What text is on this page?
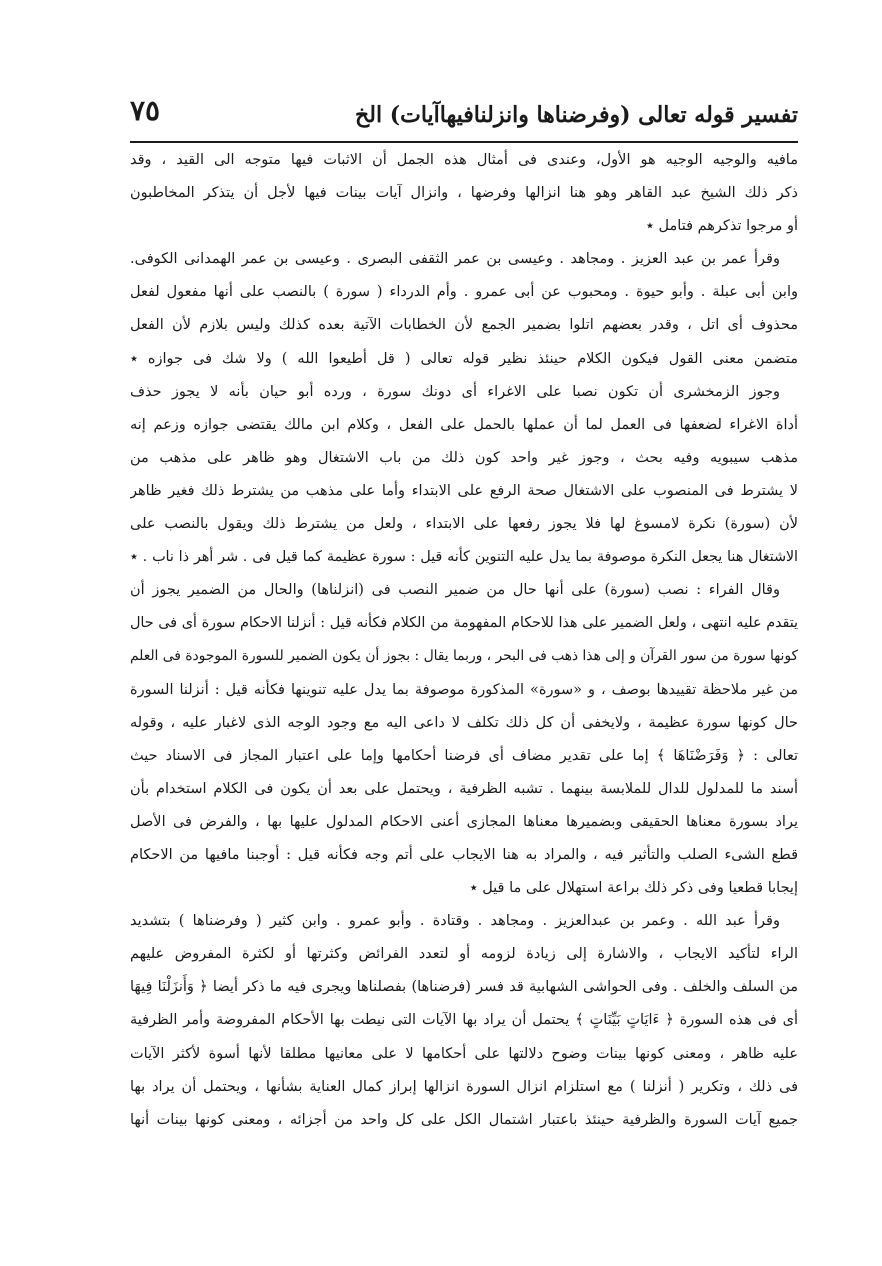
تفسير قوله تعالى (وفرضناها وانزلنافيهاآيات) الخ
٧٥
مافيه والوجيه الوجيه هو الأول، وعندى فى أمثال هذه الجمل أن الاثبات فيها متوجه الى القيد ، وقد
ذكر ذلك الشيخ عبد القاهر وهو هنا انزالها وفرضها ، وانزال آيات بينات فيها لأجل أن يتذكر المخاطبون
أو مرجوا تذكرهم فتامل ٭
وقرأ عمر بن عبد العزيز . ومجاهد . وعيسى بن عمر الثقفى البصرى . وعيسى بن عمر الهمدانى الكوفى.
وابن أبى عبلة . وأبو حيوة . ومحبوب عن أبى عمرو . وأم الدرداء ( سورة ) بالنصب على أنها مفعول لفعل
محذوف أى اتل ، وقدر بعضهم اتلوا بضمير الجمع لأن الخطابات الآتية بعده كذلك وليس بلازم لأن الفعل
متضمن معنى القول فيكون الكلام حينئذ نظير قوله تعالى ( قل أطيعوا الله ) ولا شك فى جوازه ٭
وجوز الزمخشرى أن تكون نصبا على الاغراء أى دونك سورة ، ورده أبو حيان بأنه لا يجوز حذف
أداة الاغراء لضعفها فى العمل لما أن عملها بالحمل على الفعل ، وكلام ابن مالك يقتضى جوازه وزعم إنه
مذهب سيبويه وفيه بحث ، وجوز غير واحد كون ذلك من باب الاشتغال وهو ظاهر على مذهب من
لا يشترط فى المنصوب على الاشتغال صحة الرفع على الابتداء وأما على مذهب من يشترط ذلك فغير ظاهر
لأن (سورة) نكرة لامسوغ لها فلا يجوز رفعها على الابتداء ، ولعل من يشترط ذلك ويقول بالنصب على
الاشتغال هنا يجعل النكرة موصوفة بما يدل عليه التنوين كأنه قيل : سورة عظيمة كما قيل فى . شر أهر ذا ناب . ٭
وقال الفراء : نصب (سورة) على أنها حال من ضمير النصب فى (انزلناها) والحال من الضمير يجوز أن
يتقدم عليه انتهى ، ولعل الضمير على هذا للاحكام المفهومة من الكلام فكأنه قيل : أنزلنا الاحكام سورة أى فى حال
كونها سورة من سور القرآن و إلى هذا ذهب فى البحر ، وربما يقال : بجوز أن يكون الضمير للسورة الموجودة فى العلم
من غير ملاحظة تقييدها بوصف ، و «سورة» المذكورة موصوفة بما يدل عليه تنوينها فكأنه قيل : أنزلنا السورة
حال كونها سورة عظيمة ، ولايخفى أن كل ذلك تكلف لا داعى اليه مع وجود الوجه الذى لاغبار عليه ، وقوله
تعالى : ﴿ وَفَرَضْنَاهَا ﴾ إما على تقدير مضاف أى فرضنا أحكامها وإما على اعتبار المجاز فى الاسناد حيث
أسند ما للمدلول للدال للملابسة بينهما . تشبه الظرفية ، ويحتمل على بعد أن يكون فى الكلام استخدام بأن
يراد بسورة معناها الحقيقى وبضميرها معناها المجازى أعنى الاحكام المدلول عليها بها ، والفرض فى الأصل
قطع الشىء الصلب والتأثير فيه ، والمراد به هنا الايجاب على أتم وجه فكأنه قيل : أوجبنا مافيها من الاحكام
إيجابا قطعيا وفى ذكر ذلك براعة استهلال على ما قيل ٭
وقرأ عبد الله . وعمر بن عبدالعزيز . ومجاهد . وقتادة . وأبو عمرو . وابن كثير ( وفرضناها ) بتشديد
الراء لتأكيد الايجاب ، والاشارة إلى زيادة لزومه أو لتعدد الفرائض وكثرتها أو لكثرة المفروض عليهم
من السلف والخلف . وفى الحواشى الشهابية قد فسر (فرضناها) بفصلناها ويجرى فيه ما ذكر أيضا ﴿ وَأَنزَلْنَا فِيهَا
أى فى هذه السورة ﴿ ءَايَاتٍ بَيِّنَاتٍ ﴾ يحتمل أن يراد بها الآيات التى نيطت بها الأحكام المفروضة وأمر الظرفية
عليه ظاهر ، ومعنى كونها بينات وضوح دلالتها على أحكامها لا على معانيها مطلقا لأنها أسوة لأكثر الآيات
فى ذلك ، وتكرير ( أنزلنا ) مع استلزام انزال السورة انزالها إبراز كمال العناية بشأنها ، ويحتمل أن يراد بها
جميع آيات السورة والظرفية حينئذ باعتبار اشتمال الكل على كل واحد من أجزائه ، ومعنى كونها بينات أنها
